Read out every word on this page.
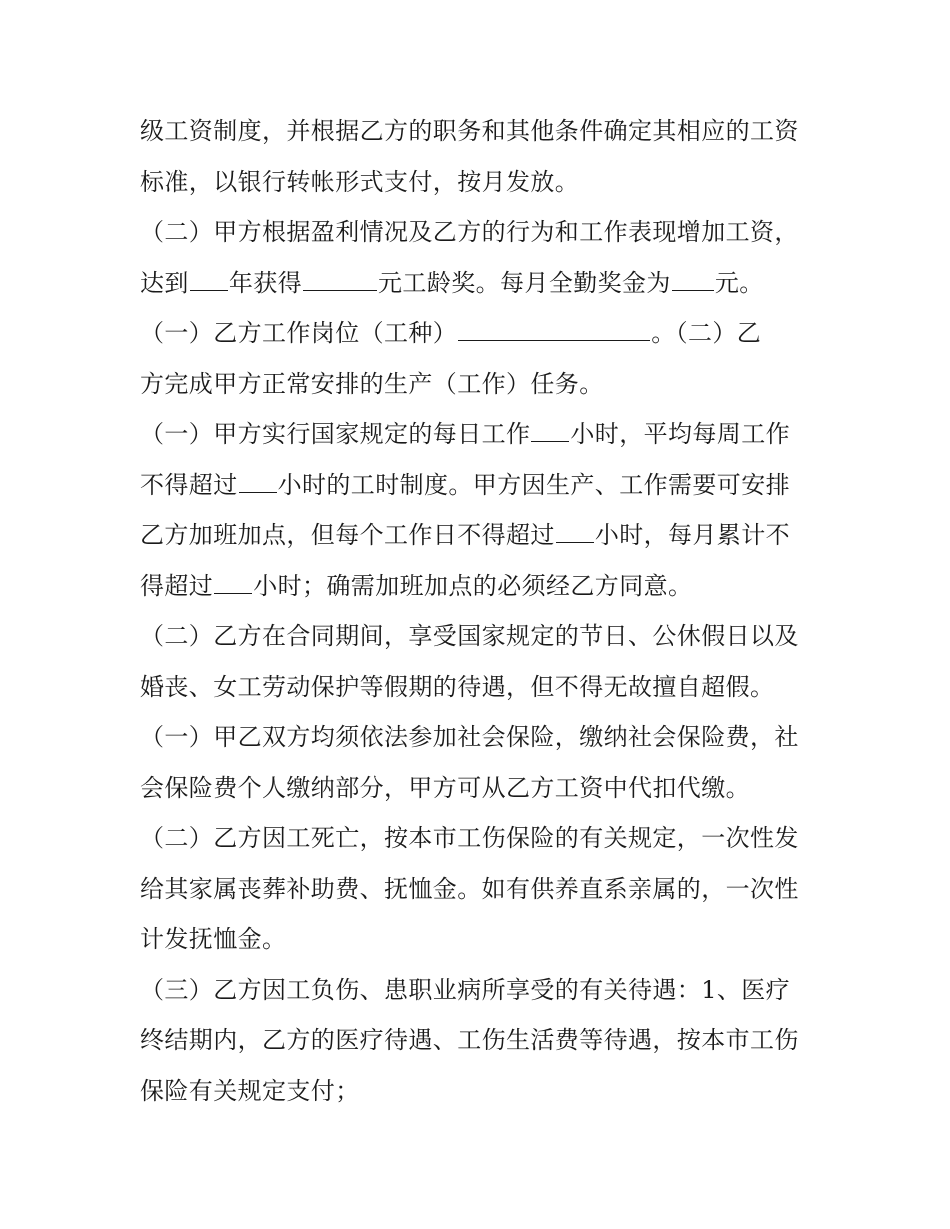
级工资制度，并根据乙方的职务和其他条件确定其相应的工资
标准，以银行转帐形式支付，按月发放。
（二）甲方根据盈利情况及乙方的行为和工作表现增加工资，
达到 年获得	元工龄奖。每月全勤奖金为 元。
（一）乙方工作岗位（工种）	。（二）乙
方完成甲方正常安排的生产（工作）任务。
（一）甲方实行国家规定的每日工作 小时，平均每周工作
不得超过 小时的工时制度。甲方因生产、工作需要可安排
乙方加班加点，但每个工作日不得超过 小时，每月累计不
得超过 小时；确需加班加点的必须经乙方同意。
（二）乙方在合同期间，享受国家规定的节日、公休假日以及
婚丧、女工劳动保护等假期的待遇，但不得无故擅自超假。
（一）甲乙双方均须依法参加社会保险，缴纳社会保险费，社
会保险费个人缴纳部分，甲方可从乙方工资中代扣代缴。
（二）乙方因工死亡，按本市工伤保险的有关规定，一次性发
给其家属丧葬补助费、抚恤金。如有供养直系亲属的，一次性
计发抚恤金。
（三）乙方因工负伤、患职业病所享受的有关待遇：1、医疗
终结期内，乙方的医疗待遇、工伤生活费等待遇，按本市工伤
保险有关规定支付；
